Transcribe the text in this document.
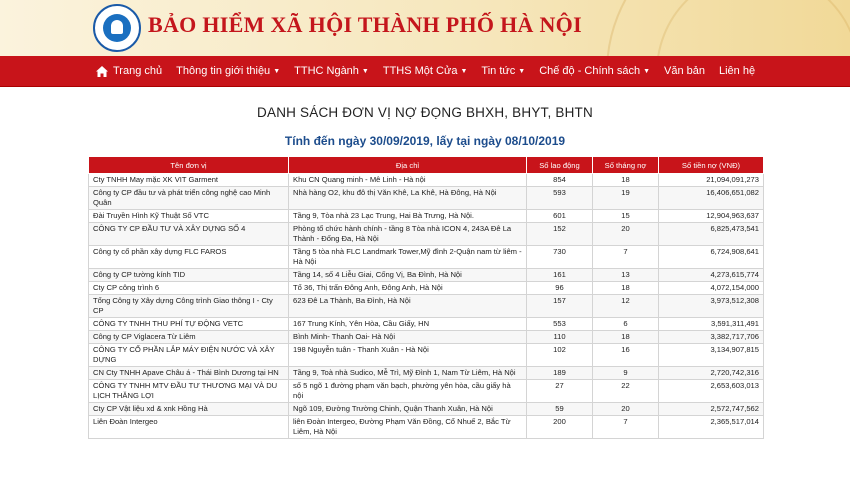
BẢO HIỂM XÃ HỘI THÀNH PHỐ HÀ NỘI
Trang chủ Thông tin giới thiệu ▼ TTHC Ngành ▼ TTHS Một Cửa ▼ Tin tức ▼ Chế độ - Chính sách ▼ Văn bản Liên hệ
DANH SÁCH ĐƠN VỊ NỢ ĐỌNG BHXH, BHYT, BHTN
Tính đến ngày 30/09/2019, lấy tại ngày 08/10/2019
Tên đơn vị	Địa chỉ	Số lao động	Số tháng nợ	Số tiền nợ (VNĐ)
Cty TNHH May mặc XK VIT Garment	Khu CN Quang minh - Mê Linh - Hà nội	854	18	21,094,091,273
Công ty CP đầu tư và phát triển công nghệ cao Minh Quân	Nhà hàng O2, khu đô thị Văn Khê, La Khê, Hà Đông, Hà Nội	593	19	16,406,651,082
Đài Truyền Hình Kỹ Thuật Số VTC	Tầng 9, Tòa nhà 23 Lạc Trung, Hai Bà Trưng, Hà Nội.	601	15	12,904,963,637
CÔNG TY CP ĐẦU TƯ VÀ XÂY DỰNG SỐ 4	Phòng tổ chức hành chính - tầng 8 Tòa nhà ICON 4, 243A Đê La Thành - Đống Đa, Hà Nội	152	20	6,825,473,541
Công ty cổ phần xây dựng FLC FAROS	Tầng 5 tòa nhà FLC Landmark Tower,Mỹ đình 2-Quận nam từ liêm -Hà Nội	730	7	6,724,908,641
Công ty CP tường kính TID	Tầng 14, số 4 Liễu Giai, Cống Vị, Ba Đình, Hà Nội	161	13	4,273,615,774
Cty CP công trình 6	Tổ 36, Thị trấn Đông Anh, Đông Anh, Hà Nội	96	18	4,072,154,000
Tổng Công ty Xây dựng Công trình Giao thông I - Cty CP	623 Đê La Thành, Ba Đình, Hà Nội	157	12	3,973,512,308
CÔNG TY TNHH THU PHÍ TỰ ĐỘNG VETC	167 Trung Kính, Yên Hòa, Cầu Giấy, HN	553	6	3,591,311,491
Công ty CP Viglacera Từ Liêm	Bình Minh- Thanh Oai- Hà Nội	110	18	3,382,717,706
CÔNG TY CỔ PHẦN LẮP MÁY ĐIỆN NƯỚC VÀ XÂY DỰNG	198 Nguyễn tuân - Thanh Xuân - Hà Nội	102	16	3,134,907,815
CN Cty TNHH Apave Châu á - Thái Bình Dương tại HN	Tầng 9, Toà nhà Sudico, Mễ Trì, Mỹ Đình 1, Nam Từ Liêm, Hà Nội	189	9	2,720,742,316
CÔNG TY TNHH MTV ĐẦU TƯ THƯƠNG MẠI VÀ DU LỊCH THĂNG LỢI	số 5 ngõ 1 đường phạm văn bạch, phường yên hòa, cầu giấy hà nội	27	22	2,653,603,013
Cty CP Vật liệu xd & xnk Hồng Hà	Ngõ 109, Đường Trường Chinh, Quận Thanh Xuân, Hà Nội	59	20	2,572,747,562
Liên Đoàn Intergeo	liên Đoàn Intergeo, Đường Phạm Văn Đồng, Cổ Nhuế 2, Bắc Từ Liêm, Hà Nội	200	7	2,365,517,014
